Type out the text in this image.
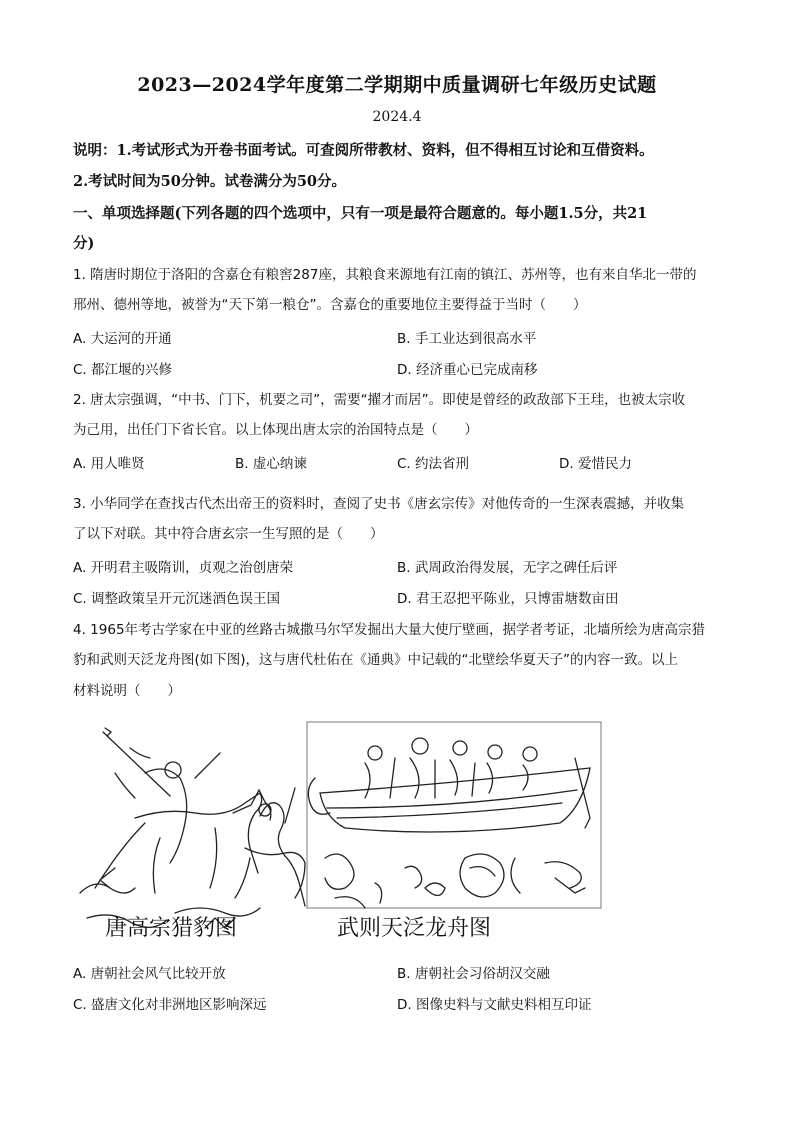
2023—2024学年度第二学期期中质量调研七年级历史试题
2024.4
说明：1.考试形式为开卷书面考试。可查阅所带教材、资料，但不得相互讨论和互借资料。
2.考试时间为50分钟。试卷满分为50分。
一、单项选择题(下列各题的四个选项中，只有一项是最符合题意的。每小题1.5分，共21
分)
1. 隋唐时期位于洛阳的含嘉仓有粮窖287座，其粮食来源地有江南的镇江、苏州等，也有来自华北一带的
邢州、德州等地，被誉为“天下第一粮仓”。含嘉仓的重要地位主要得益于当时（　　）
A. 大运河的开通	B. 手工业达到很高水平
C. 都江堰的兴修	D. 经济重心已完成南移
2. 唐太宗强调，“中书、门下，机要之司”，需要“擢才而居”。即使是曾经的政敌部下王珪，也被太宗收
为己用，出任门下省长官。以上体现出唐太宗的治国特点是（　　）
A. 用人唯贤	B. 虚心纳谏	C. 约法省刑	D. 爱惜民力
3. 小华同学在查找古代杰出帝王的资料时，查阅了史书《唐玄宗传》对他传奇的一生深表震撼，并收集
了以下对联。其中符合唐玄宗一生写照的是（　　）
A. 开明君主吸隋训，贞观之治创唐荣	B. 武周政治得发展，无字之碑任后评
C. 调整政策呈开元沉迷酒色误王国	D. 君王忍把平陈业，只博雷塘数亩田
4. 1965年考古学家在中亚的丝路古城撒马尔罕发掘出大量大使厅壁画，据学者考证，北墙所绘为唐高宗猎
豹和武则天泛龙舟图(如下图)，这与唐代杜佑在《通典》中记载的“北壁绘华夏天子”的内容一致。以上
材料说明（　　）
唐高宗猎豹图	武则天泛龙舟图
A. 唐朝社会风气比较开放	B. 唐朝社会习俗胡汉交融
C. 盛唐文化对非洲地区影响深远	D. 图像史料与文献史料相互印证
